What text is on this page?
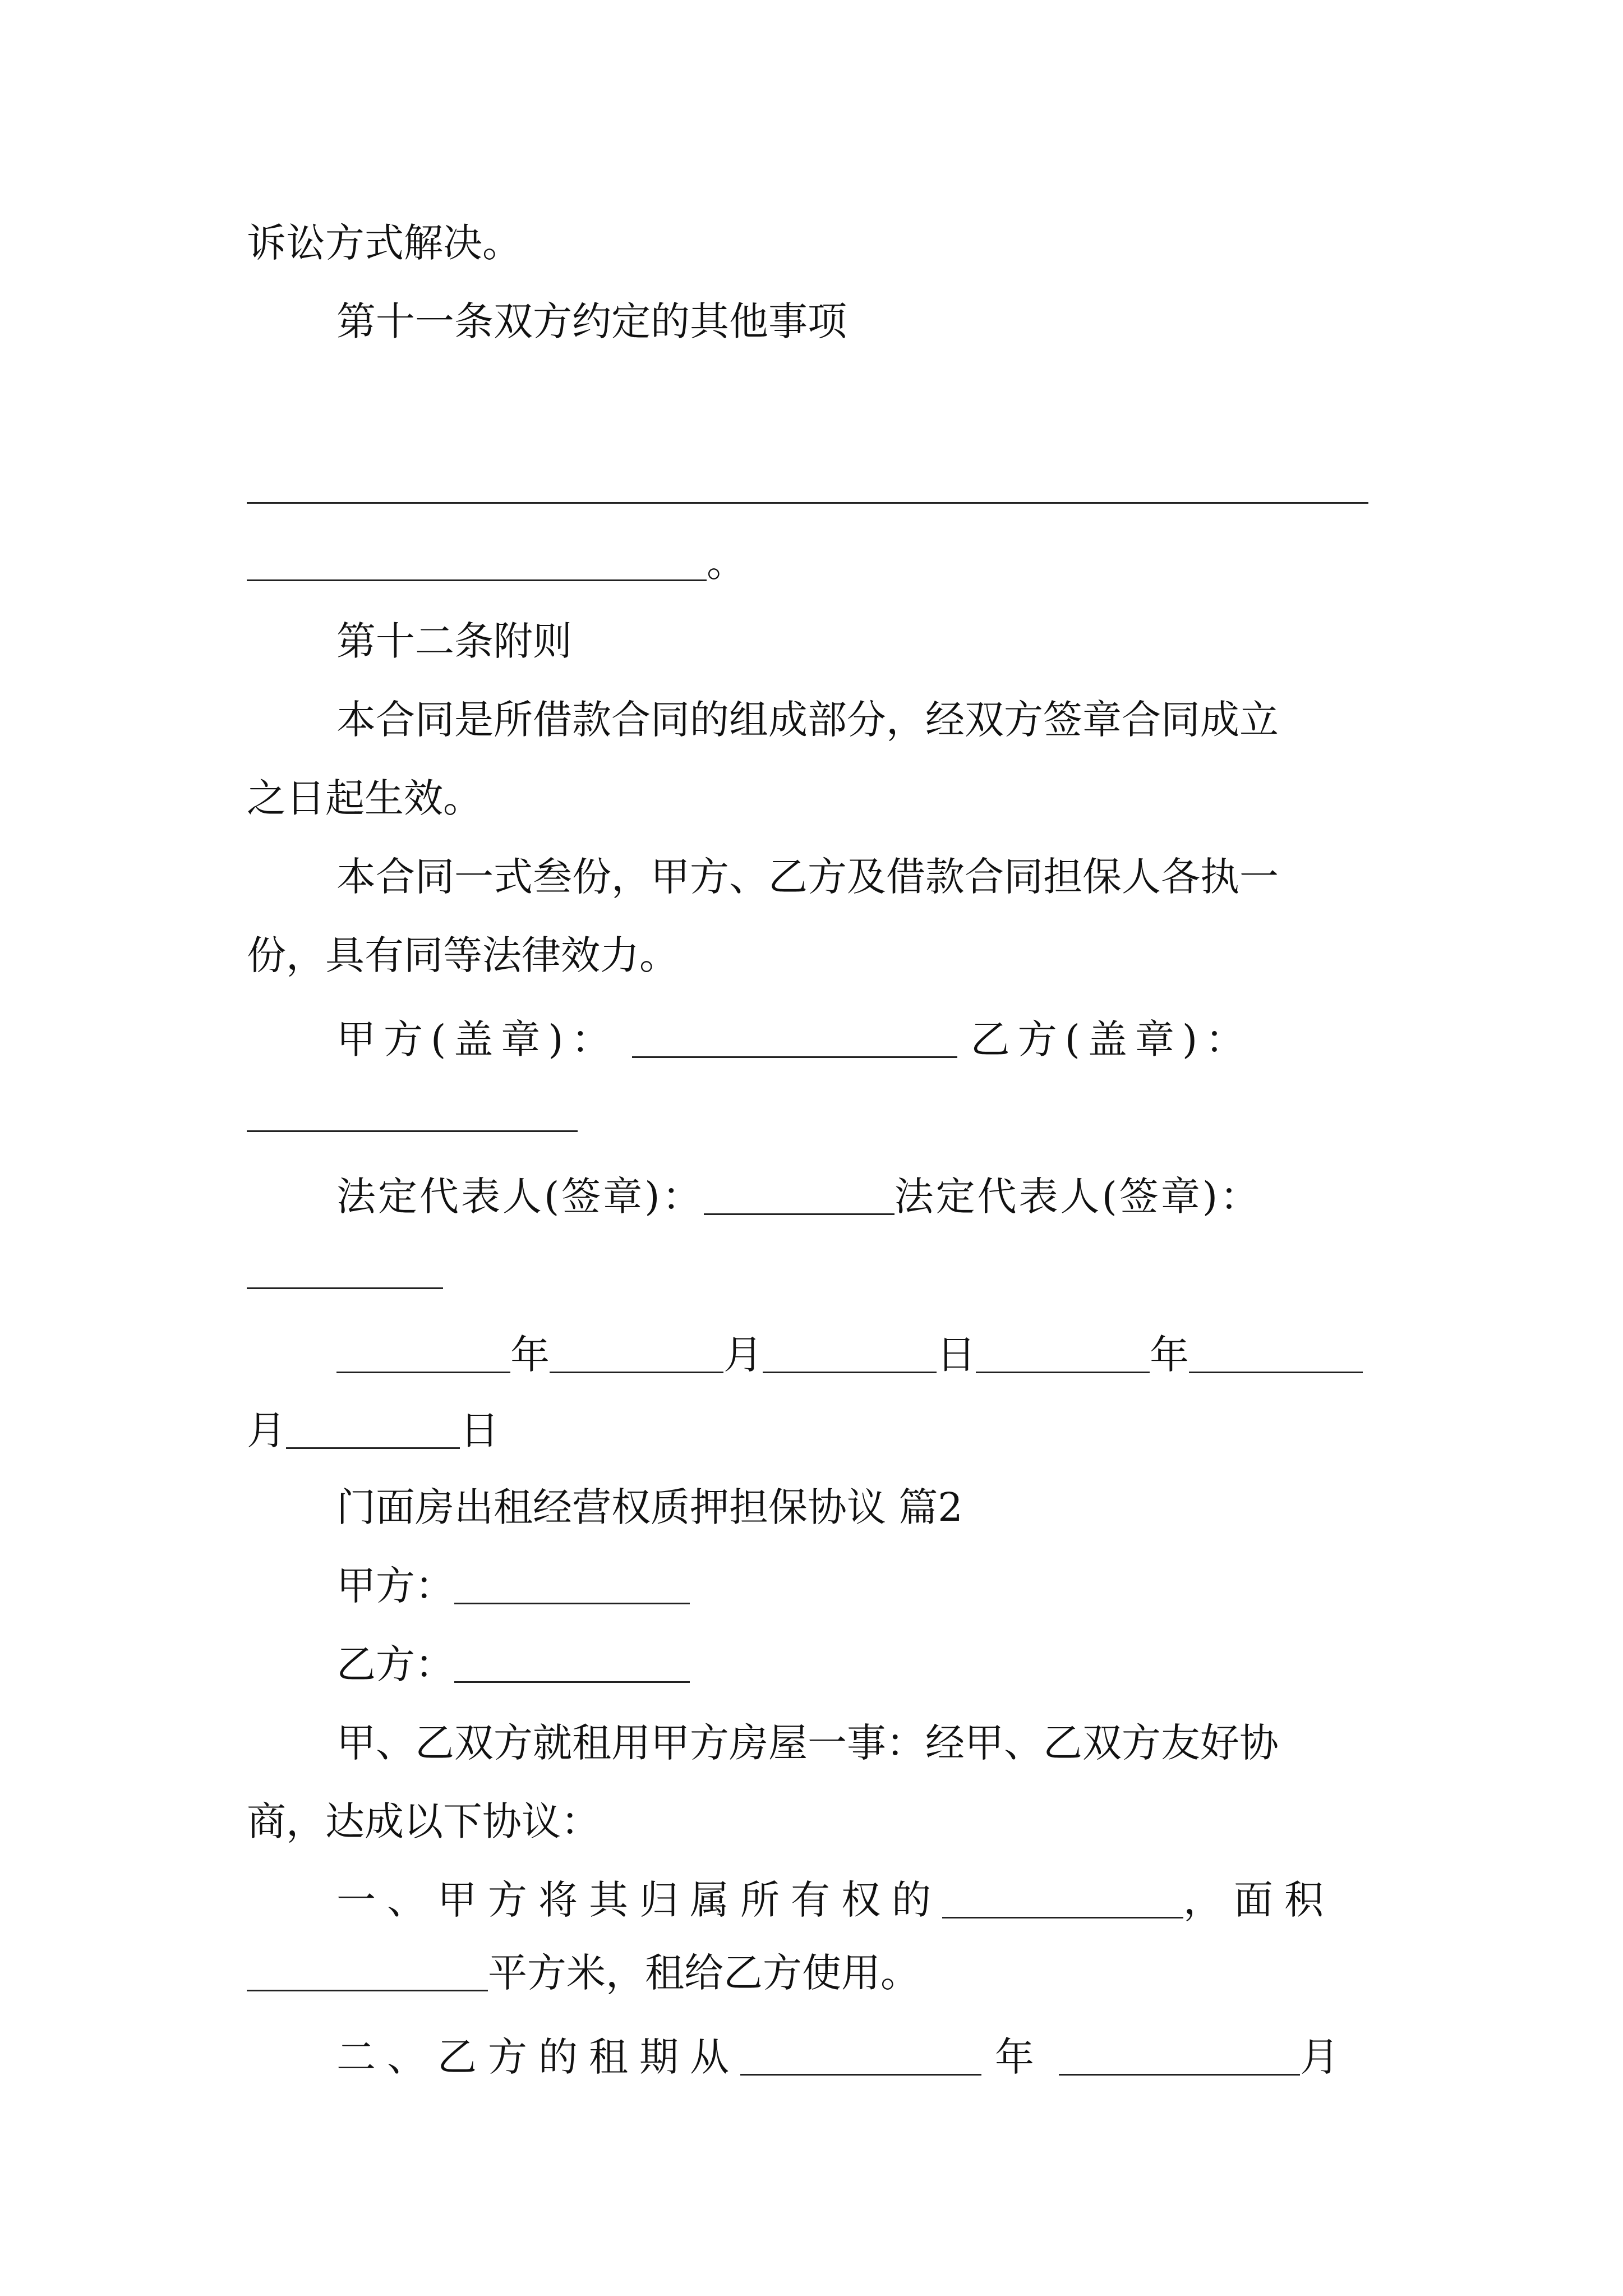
诉讼方式解决。
第十一条双方约定的其他事项
。
第十二条附则
本合同是所借款合同的组成部分，经双方签章合同成立
之日起生效。
本合同一式叁份，甲方、乙方及借款合同担保人各执一
份，具有同等法律效力。
甲方(盖章)：	乙方(盖章)：
法定代表人(签章)：	法定代表人(签章)：
年	月	日	年
月	日
门面房出租经营权质押担保协议 篇2
甲方：
乙方：
甲、乙双方就租用甲方房屋一事：经甲、乙双方友好协
商，达成以下协议：
一、甲方将其归属所有权的	，面积
平方米，租给乙方使用。
二、乙方的租期从	年	月
